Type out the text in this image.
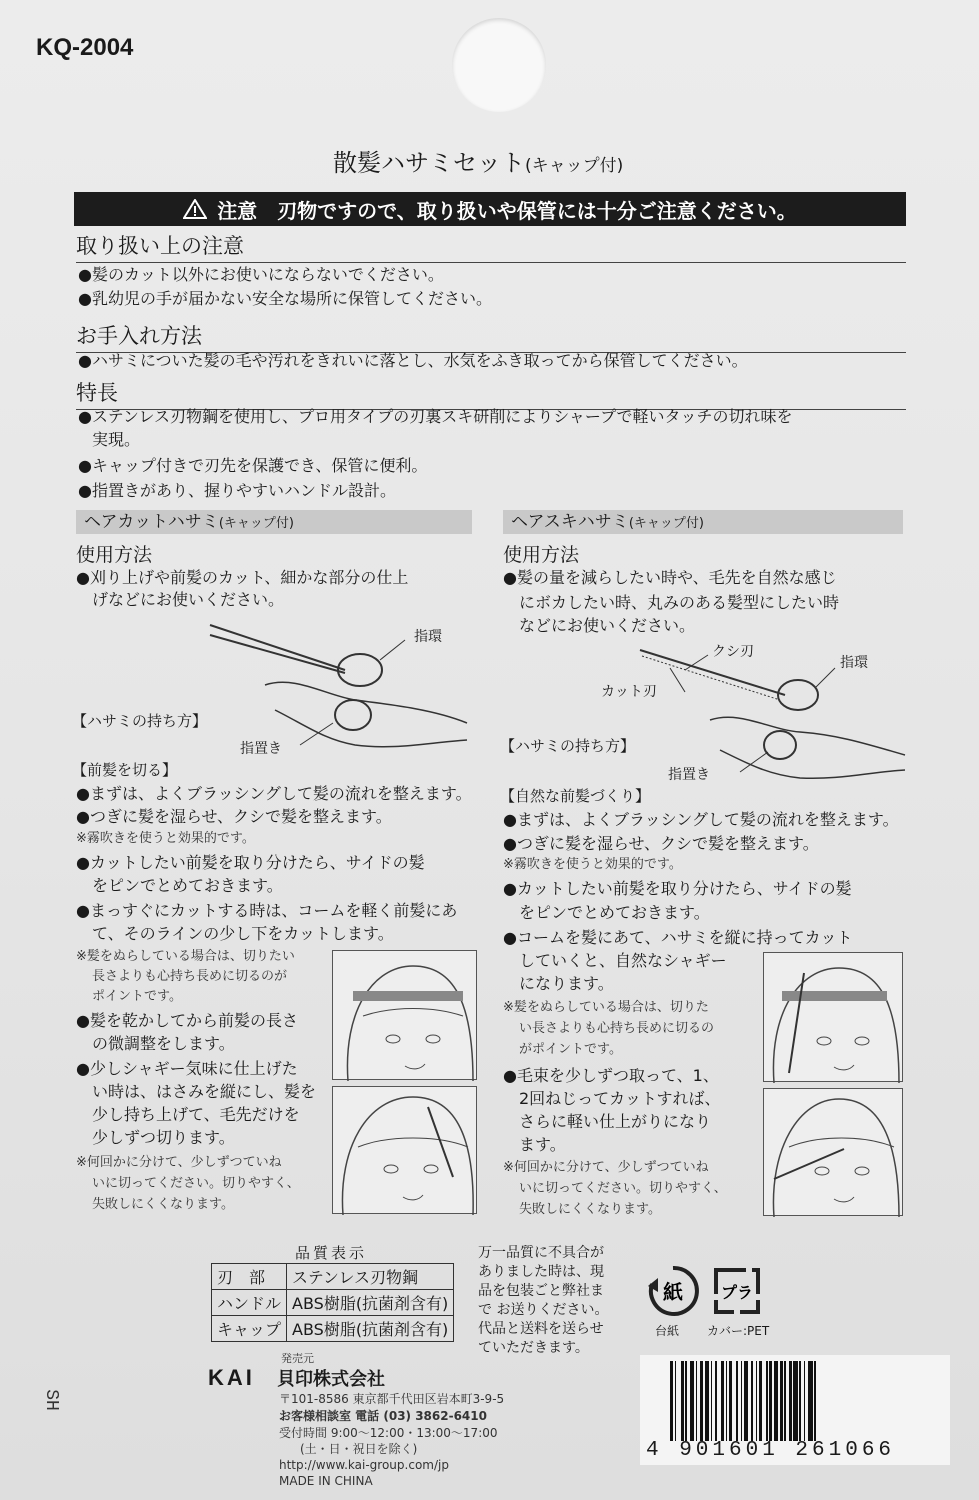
KQ-2004
散髪ハサミセット(キャップ付)
注意 刃物ですので、取り扱いや保管には十分ご注意ください。
取り扱い上の注意
●髪のカット以外にお使いにならないでください。
●乳幼児の手が届かない安全な場所に保管してください。
お手入れ方法
●ハサミについた髪の毛や汚れをきれいに落とし、水気をふき取ってから保管してください。
特長
●ステンレス刃物鋼を使用し、プロ用タイプの刃裏スキ研削によりシャープで軽いタッチの切れ味を
実現。
●キャップ付きで刃先を保護でき、保管に便利。
●指置きがあり、握りやすいハンドル設計。
ヘアカットハサミ(キャップ付)
使用方法
●刈り上げや前髪のカット、細かな部分の仕上
げなどにお使いください。
指環
指置き
【ハサミの持ち方】
【前髪を切る】
●まずは、よくブラッシングして髪の流れを整えます。
●つぎに髪を湿らせ、クシで髪を整えます。
※霧吹きを使うと効果的です。
●カットしたい前髪を取り分けたら、サイドの髪
をピンでとめておきます。
●まっすぐにカットする時は、コームを軽く前髪にあ
て、そのラインの少し下をカットします。
※髪をぬらしている場合は、切りたい
長さよりも心持ち長めに切るのが
ポイントです。
●髪を乾かしてから前髪の長さ
の微調整をします。
●少しシャギー気味に仕上げた
い時は、はさみを縦にし、髪を
少し持ち上げて、毛先だけを
少しずつ切ります。
※何回かに分けて、少しずつていね
いに切ってください。切りやすく、
失敗しにくくなります。
ヘアスキハサミ(キャップ付)
使用方法
●髪の量を減らしたい時や、毛先を自然な感じ
にボカしたい時、丸みのある髪型にしたい時
などにお使いください。
クシ刃
指環
カット刃
指置き
【ハサミの持ち方】
【自然な前髪づくり】
●まずは、よくブラッシングして髪の流れを整えます。
●つぎに髪を湿らせ、クシで髪を整えます。
※霧吹きを使うと効果的です。
●カットしたい前髪を取り分けたら、サイドの髪
をピンでとめておきます。
●コームを髪にあて、ハサミを縦に持ってカット
していくと、自然なシャギー
になります。
※髪をぬらしている場合は、切りた
い長さよりも心持ち長めに切るの
がポイントです。
●毛束を少しずつ取って、1、
2回ねじってカットすれば、
さらに軽い仕上がりになり
ます。
※何回かに分けて、少しずつていね
いに切ってください。切りやすく、
失敗しにくくなります。
品質表示
刃　部	ステンレス刃物鋼
ハンドル	ABS樹脂(抗菌剤含有)
キャップ	ABS樹脂(抗菌剤含有)
万一品質に不具合が
ありました時は、現
品を包装ごと弊社ま
で お送りください。
代品と送料を送らせ
ていただきます。
紙
台紙
プラ
カバー:PET
発売元
KAI 貝印株式会社
〒101-8586 東京都千代田区岩本町3-9-5
お客様相談室 電話 (03) 3862-6410
受付時間 9:00〜12:00・13:00〜17:00
(土・日・祝日を除く)
http://www.kai-group.com/jp
MADE IN CHINA
4 901601 261066
SH
